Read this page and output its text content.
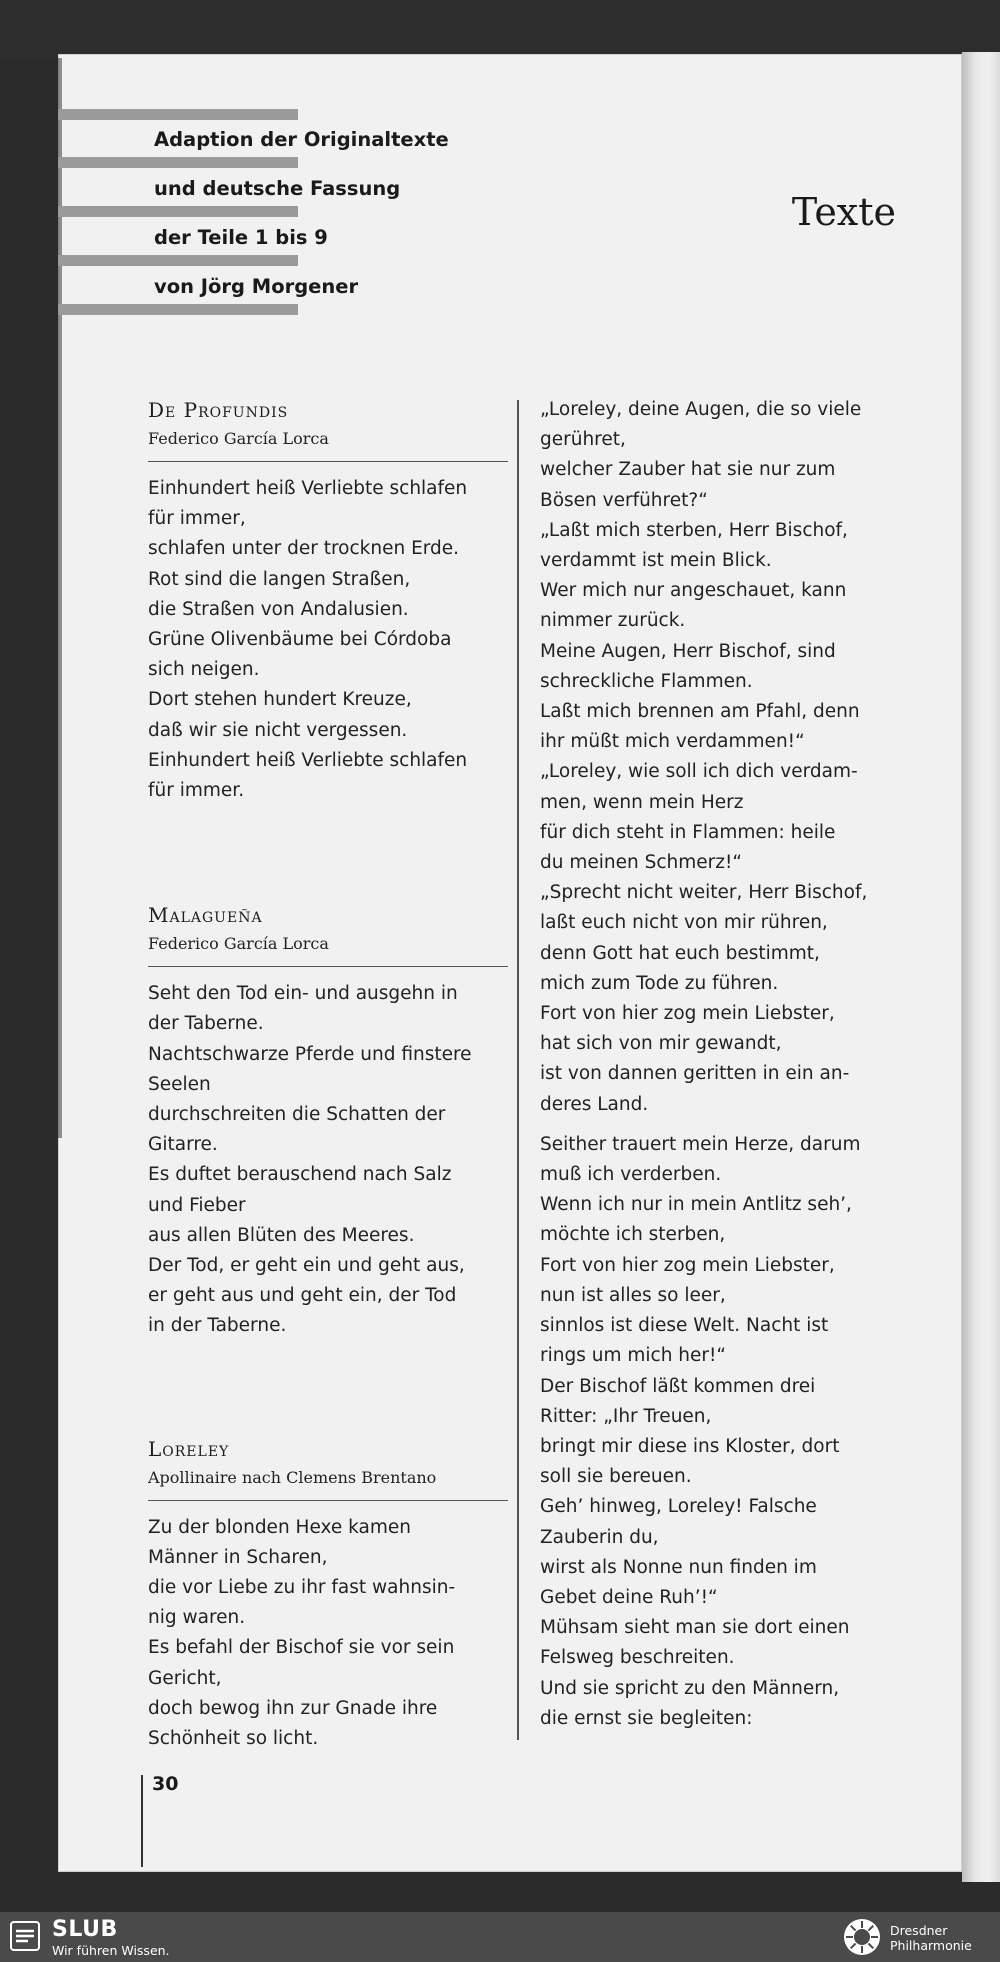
Adaption der Originaltexte
und deutsche Fassung
der Teile 1 bis 9
von Jörg Morgener
Texte
De Profundis
Federico García Lorca
Einhundert heiß Verliebte schlafen
für immer,
schlafen unter der trocknen Erde.
Rot sind die langen Straßen,
die Straßen von Andalusien.
Grüne Olivenbäume bei Córdoba
sich neigen.
Dort stehen hundert Kreuze,
daß wir sie nicht vergessen.
Einhundert heiß Verliebte schlafen
für immer.
Malagueña
Federico García Lorca
Seht den Tod ein- und ausgehn in
der Taberne.
Nachtschwarze Pferde und finstere
Seelen
durchschreiten die Schatten der
Gitarre.
Es duftet berauschend nach Salz
und Fieber
aus allen Blüten des Meeres.
Der Tod, er geht ein und geht aus,
er geht aus und geht ein, der Tod
in der Taberne.
Loreley
Apollinaire nach Clemens Brentano
Zu der blonden Hexe kamen
Männer in Scharen,
die vor Liebe zu ihr fast wahnsin-
nig waren.
Es befahl der Bischof sie vor sein
Gericht,
doch bewog ihn zur Gnade ihre
Schönheit so licht.
„Loreley, deine Augen, die so viele
gerühret,
welcher Zauber hat sie nur zum
Bösen verführet?“
„Laßt mich sterben, Herr Bischof,
verdammt ist mein Blick.
Wer mich nur angeschauet, kann
nimmer zurück.
Meine Augen, Herr Bischof, sind
schreckliche Flammen.
Laßt mich brennen am Pfahl, denn
ihr müßt mich verdammen!“
„Loreley, wie soll ich dich verdam-
men, wenn mein Herz
für dich steht in Flammen: heile
du meinen Schmerz!“
„Sprecht nicht weiter, Herr Bischof,
laßt euch nicht von mir rühren,
denn Gott hat euch bestimmt,
mich zum Tode zu führen.
Fort von hier zog mein Liebster,
hat sich von mir gewandt,
ist von dannen geritten in ein an-
deres Land.
Seither trauert mein Herze, darum
muß ich verderben.
Wenn ich nur in mein Antlitz seh’,
möchte ich sterben,
Fort von hier zog mein Liebster,
nun ist alles so leer,
sinnlos ist diese Welt. Nacht ist
rings um mich her!“
Der Bischof läßt kommen drei
Ritter: „Ihr Treuen,
bringt mir diese ins Kloster, dort
soll sie bereuen.
Geh’ hinweg, Loreley! Falsche
Zauberin du,
wirst als Nonne nun finden im
Gebet deine Ruh’!“
Mühsam sieht man sie dort einen
Felsweg beschreiten.
Und sie spricht zu den Männern,
die ernst sie begleiten:
30
SLUB
Wir führen Wissen.
Dresdner
Philharmonie
